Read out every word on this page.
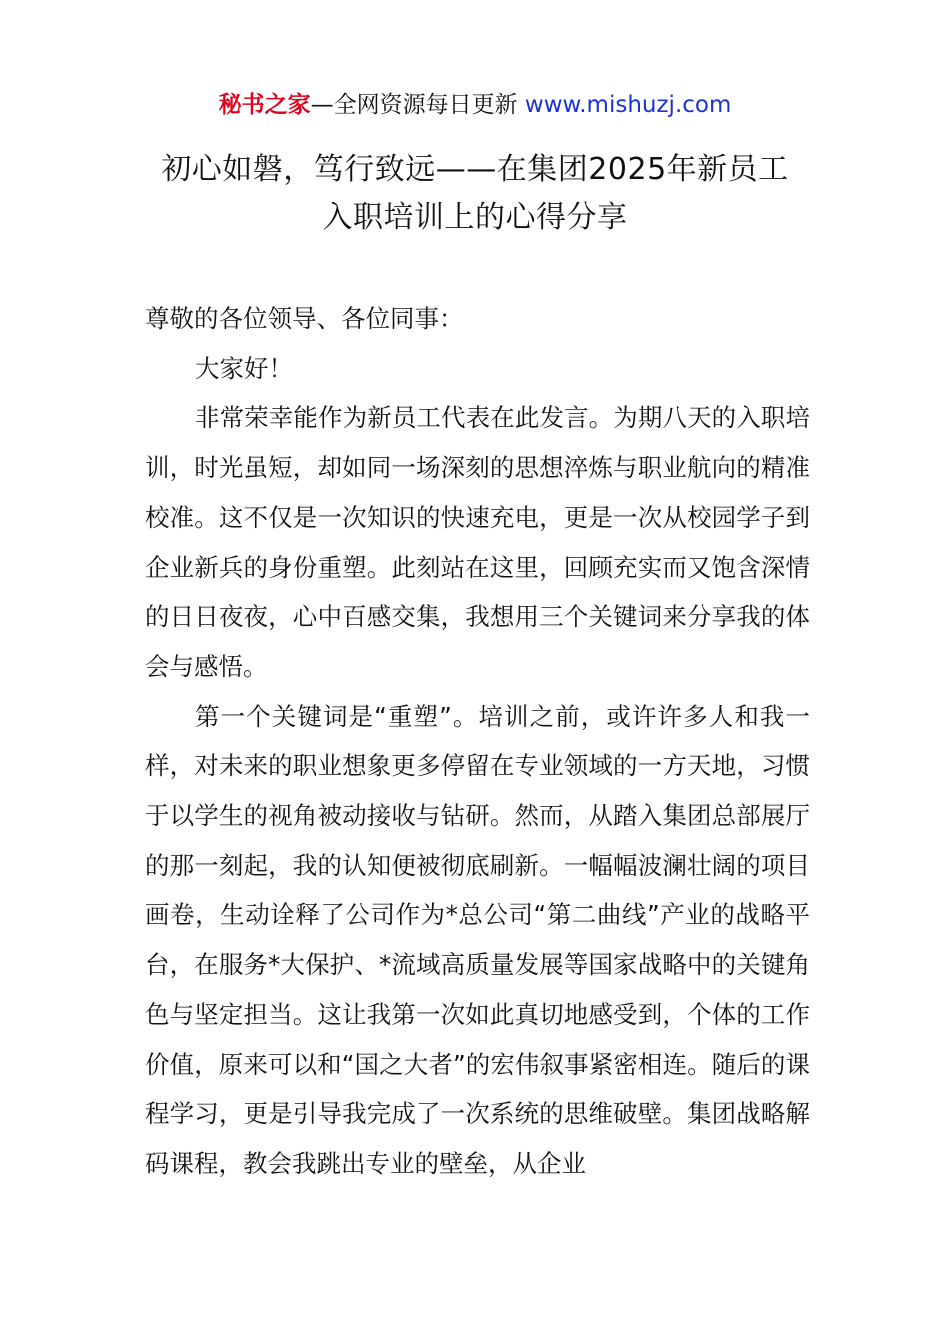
秘书之家—全网资源每日更新 www.mishuzj.com
初心如磐，笃行致远——在集团2025年新员工
入职培训上的心得分享

尊敬的各位领导、各位同事：

大家好！

非常荣幸能作为新员工代表在此发言。为期八天的入职培训，时光虽短，却如同一场深刻的思想淬炼与职业航向的精准校准。这不仅是一次知识的快速充电，更是一次从校园学子到企业新兵的身份重塑。此刻站在这里，回顾充实而又饱含深情的日日夜夜，心中百感交集，我想用三个关键词来分享我的体会与感悟。

第一个关键词是“重塑”。培训之前，或许许多人和我一样，对未来的职业想象更多停留在专业领域的一方天地，习惯于以学生的视角被动接收与钻研。然而，从踏入集团总部展厅的那一刻起，我的认知便被彻底刷新。一幅幅波澜壮阔的项目画卷，生动诠释了公司作为*总公司“第二曲线”产业的战略平台，在服务*大保护、*流域高质量发展等国家战略中的关键角色与坚定担当。这让我第一次如此真切地感受到，个体的工作价值，原来可以和“国之大者”的宏伟叙事紧密相连。随后的课程学习，更是引导我完成了一次系统的思维破壁。集团战略解码课程，教会我跳出专业的壁垒，从企业
